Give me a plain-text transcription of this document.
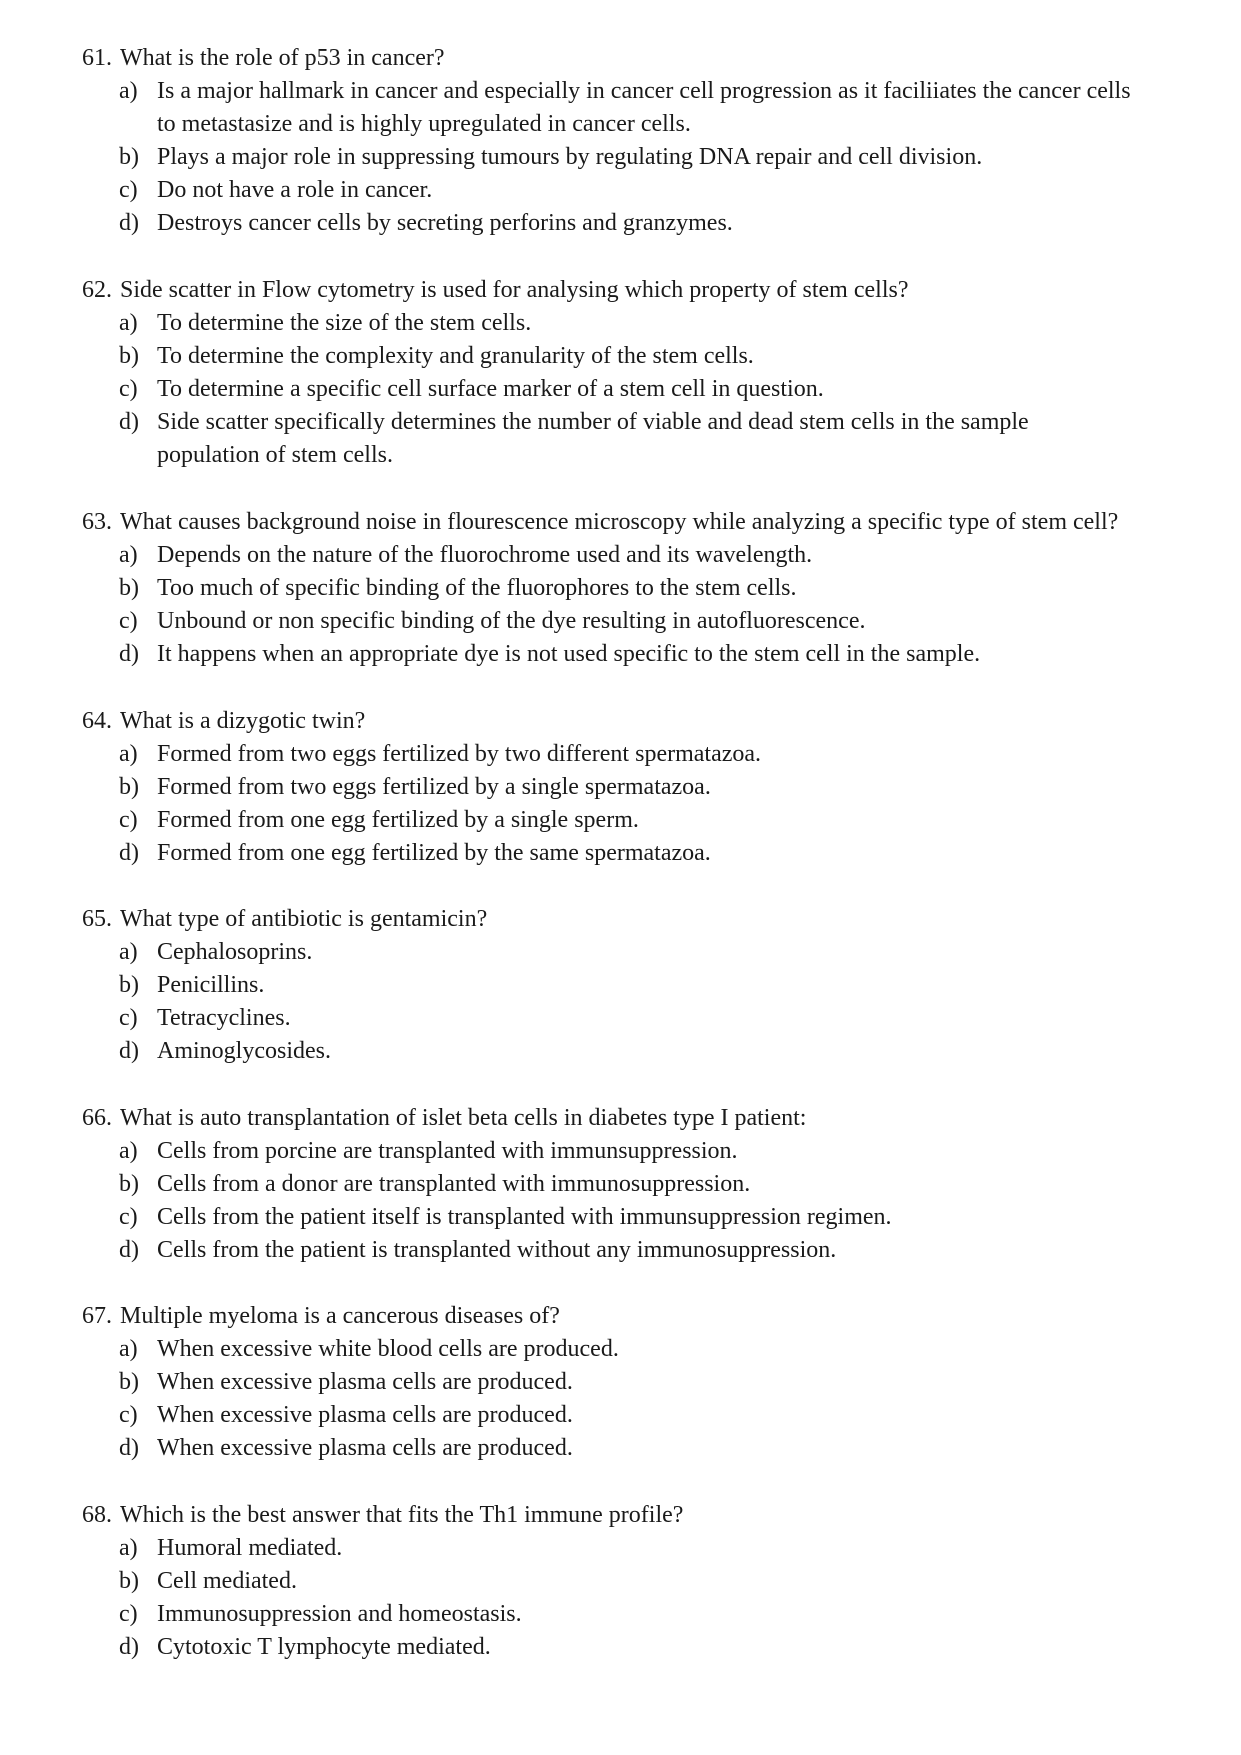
61. What is the role of p53 in cancer?
a) Is a major hallmark in cancer and especially in cancer cell progression as it faciliiates the cancer cells to metastasize and is highly upregulated in cancer cells.
b) Plays a major role in suppressing tumours by regulating DNA repair and cell division.
c) Do not have a role in cancer.
d) Destroys cancer cells by secreting perforins and granzymes.
62. Side scatter in Flow cytometry is used for analysing which property of stem cells?
a) To determine the size of the stem cells.
b) To determine the complexity and granularity of the stem cells.
c) To determine a specific cell surface marker of a stem cell in question.
d) Side scatter specifically determines the number of viable and dead stem cells in the sample population of stem cells.
63. What causes background noise in flourescence microscopy while analyzing a specific type of stem cell?
a) Depends on the nature of the fluorochrome used and its wavelength.
b) Too much of specific binding of the fluorophores to the stem cells.
c) Unbound or non specific binding of the dye resulting in autofluorescence.
d) It happens when an appropriate dye is not used specific to the stem cell in the sample.
64. What is a dizygotic twin?
a) Formed from two eggs fertilized by two different spermatazoa.
b) Formed from two eggs fertilized by a single spermatazoa.
c) Formed from one egg fertilized by a single sperm.
d) Formed from one egg fertilized by the same spermatazoa.
65. What type of antibiotic is gentamicin?
a) Cephalosoprins.
b) Penicillins.
c) Tetracyclines.
d) Aminoglycosides.
66. What is auto transplantation of islet beta cells in diabetes type I patient:
a) Cells from porcine are transplanted with immunsuppression.
b) Cells from a donor are transplanted with immunosuppression.
c) Cells from the patient itself is transplanted with immunsuppression regimen.
d) Cells from the patient is transplanted without any immunosuppression.
67. Multiple myeloma is a cancerous diseases of?
a) When excessive white blood cells are produced.
b) When excessive plasma cells are produced.
c) When excessive plasma cells are produced.
d) When excessive plasma cells are produced.
68. Which is the best answer that fits the Th1 immune profile?
a) Humoral mediated.
b) Cell mediated.
c) Immunosuppression and homeostasis.
d) Cytotoxic T lymphocyte mediated.
